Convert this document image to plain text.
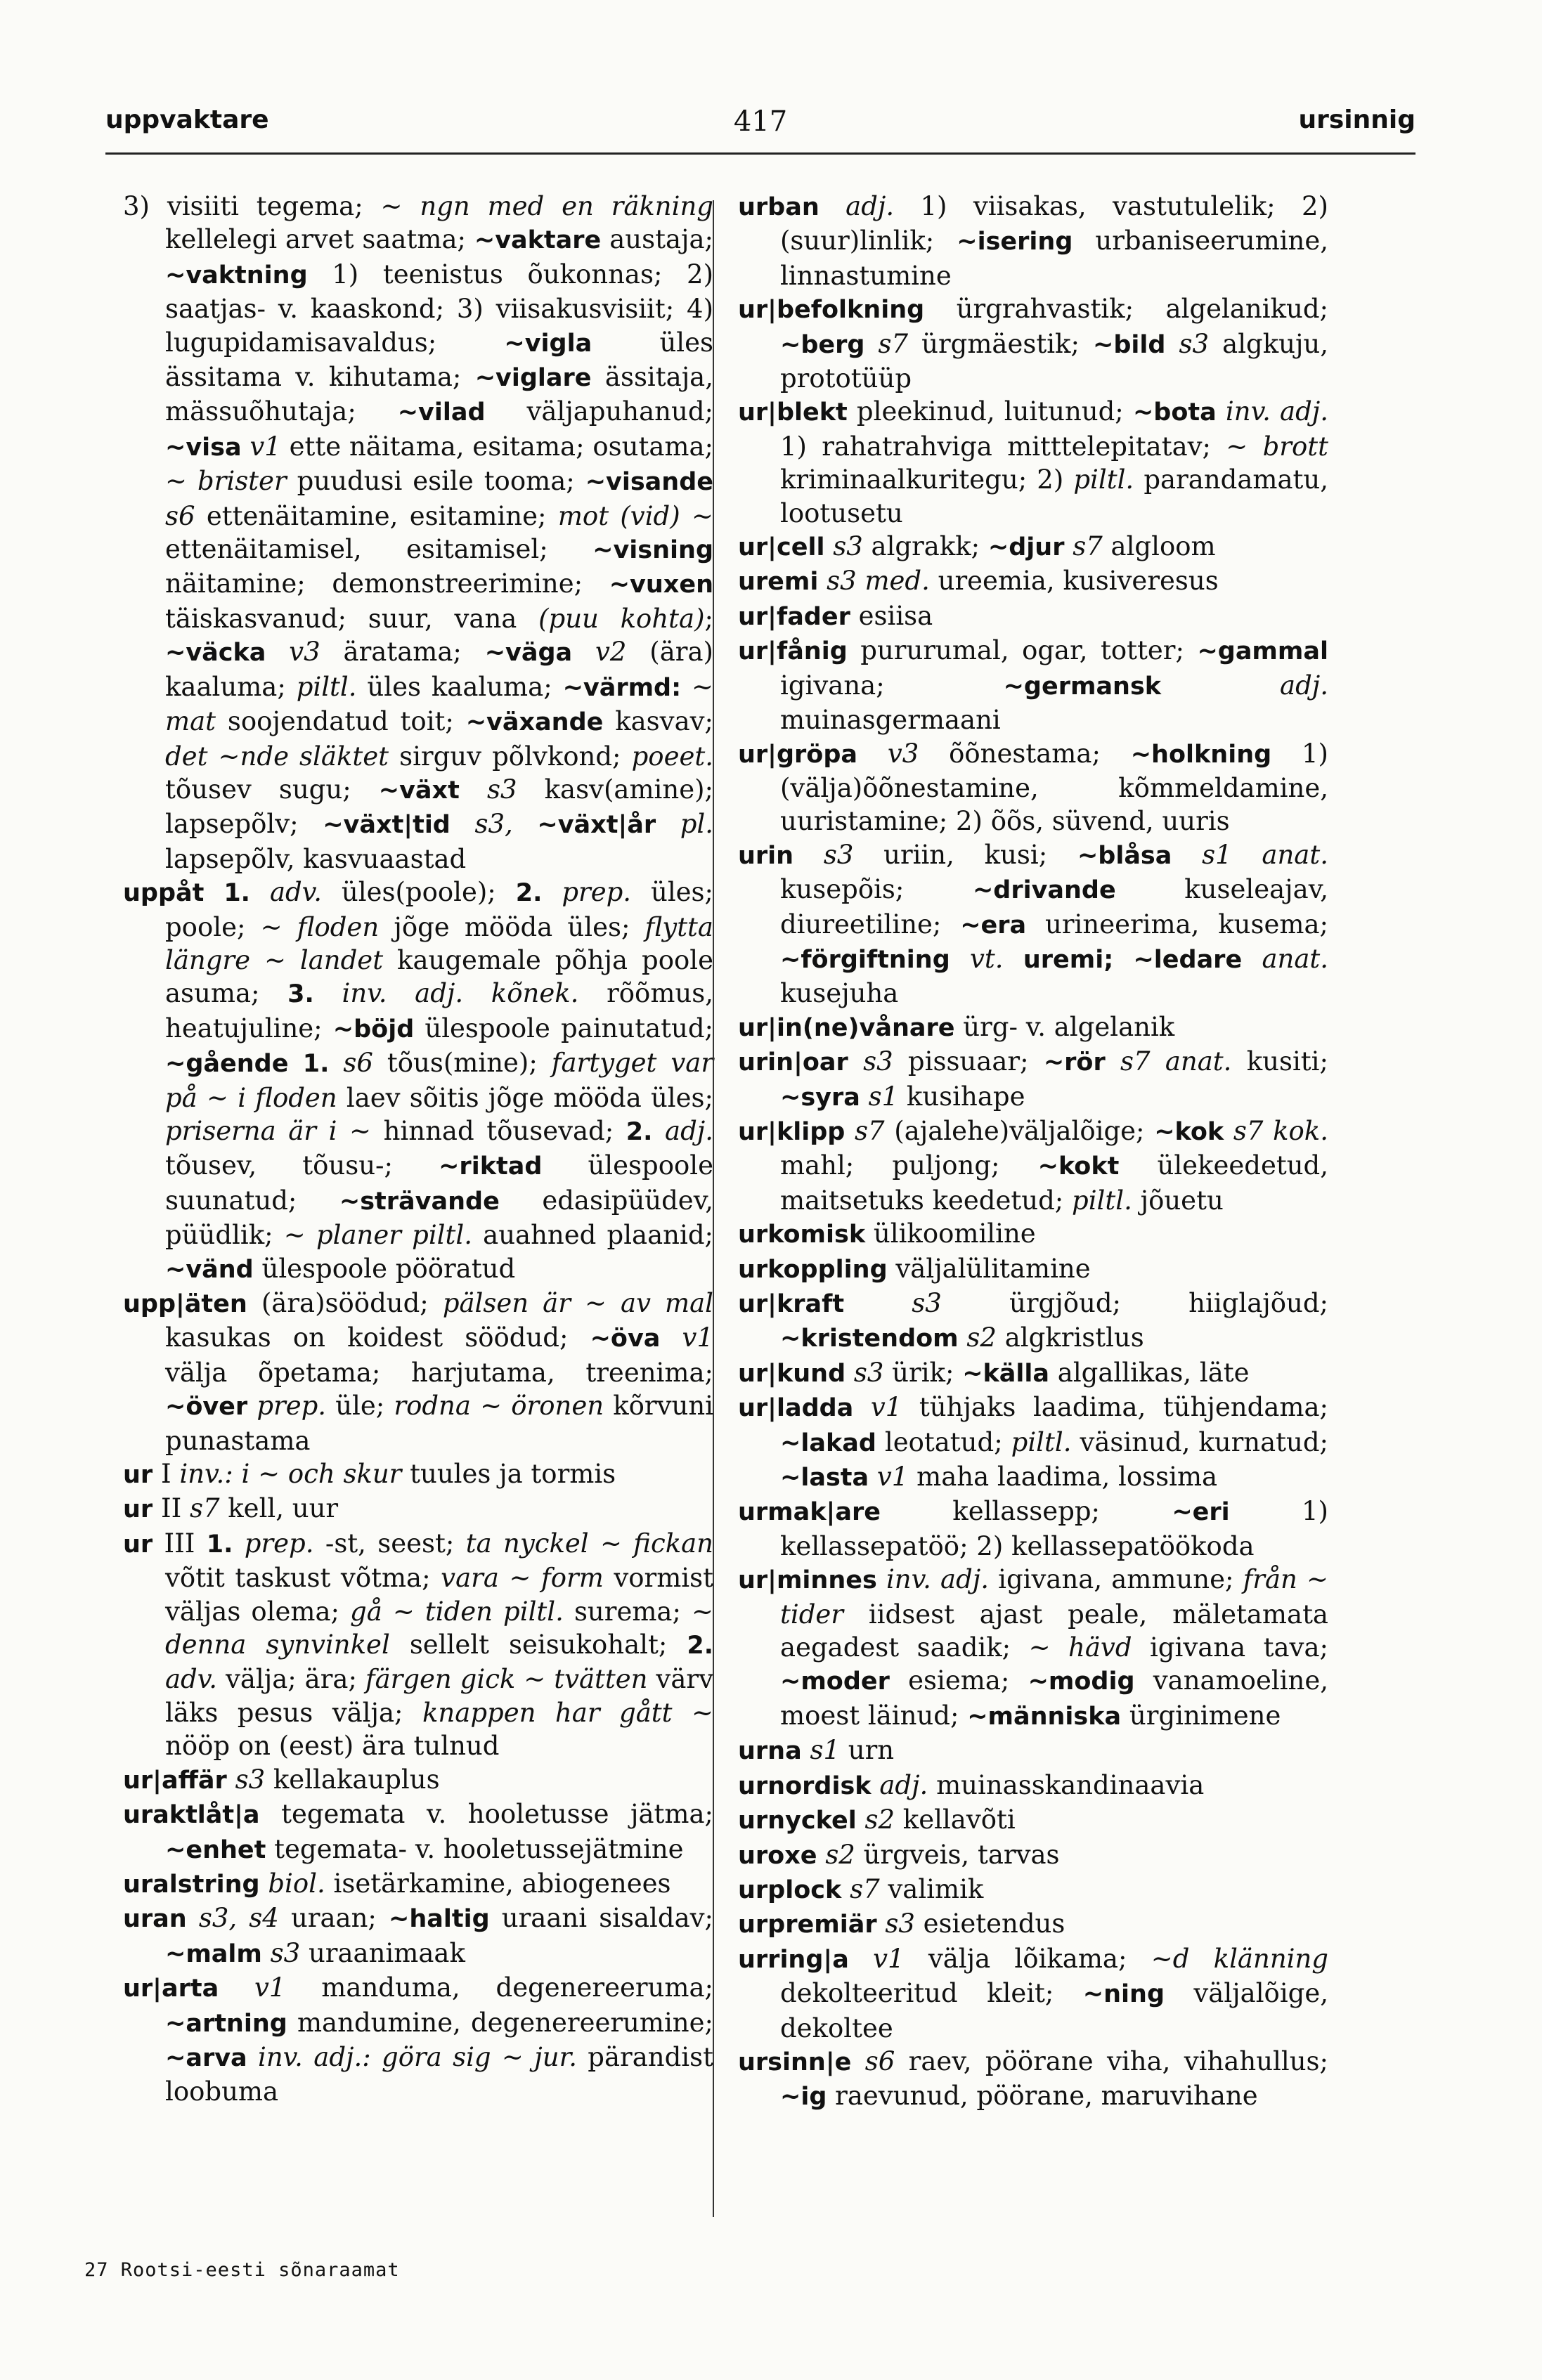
uppvaktare	417	ursinnig

3) visiiti tegema; ~ ngn med en räkning kellelegi arvet saatma; ~vaktare austaja; ~vaktning 1) teenistus õukonnas; 2) saatjas- v. kaaskond; 3) viisakusvisiit; 4) lugupidamisavaldus; ~vigla üles ässitama v. kihutama; ~viglare ässitaja, mässuõhutaja; ~vilad väljapuhanud; ~visa v1 ette näitama, esitama; osutama; ~ brister puudusi esile tooma; ~visande s6 ettenäitamine, esitamine; mot (vid) ~ ettenäitamisel, esitamisel; ~visning näitamine; demonstreerimine; ~vuxen täiskasvanud; suur, vana (puu kohta); ~väcka v3 äratama; ~väga v2 (ära) kaaluma; piltl. üles kaaluma; ~värmd: ~ mat soojendatud toit; ~växande kasvav; det ~nde släktet sirguv põlvkond; poeet. tõusev sugu; ~växt s3 kasv(amine); lapsepõlv; ~växt|tid s3, ~växt|år pl. lapsepõlv, kasvuaastad

uppåt 1. adv. üles(poole); 2. prep. üles; poole; ~ floden jõge mööda üles; flytta längre ~ landet kaugemale põhja poole asuma; 3. inv. adj. kõnek. rõõmus, heatujuline; ~böjd ülespoole painutatud; ~gående 1. s6 tõus(mine); fartyget var på ~ i floden laev sõitis jõge mööda üles; priserna är i ~ hinnad tõusevad; 2. adj. tõusev, tõusu-; ~riktad ülespoole suunatud; ~strävande edasipüüdev, püüdlik; ~ planer piltl. auahned plaanid; ~vänd ülespoole pööratud

upp|äten (ära)söödud; pälsen är ~ av mal kasukas on koidest söödud; ~öva v1 välja õpetama; harjutama, treenima; ~över prep. üle; rodna ~ öronen kõrvuni punastama

ur I inv.: i ~ och skur tuules ja tormis

ur II s7 kell, uur

ur III 1. prep. -st, seest; ta nyckel ~ fickan võtit taskust võtma; vara ~ form vormist väljas olema; gå ~ tiden piltl. surema; ~ denna synvinkel sellelt seisukohalt; 2. adv. välja; ära; färgen gick ~ tvätten värv läks pesus välja; knappen har gått ~ nööp on (eest) ära tulnud

ur|affär s3 kellakauplus

uraktlåt|a tegemata v. hooletusse jätma; ~enhet tegemata- v. hooletussejätmine

uralstring biol. isetärkamine, abiogenees

uran s3, s4 uraan; ~haltig uraani sisaldav; ~malm s3 uraanimaak

ur|arta v1 manduma, degenereeruma; ~artning mandumine, degenereerumine; ~arva inv. adj.: göra sig ~ jur. pärandist loobuma

urban adj. 1) viisakas, vastutulelik; 2) (suur)linlik; ~isering urbaniseerumine, linnastumine

ur|befolkning ürgrahvastik; algelanikud; ~berg s7 ürgmäestik; ~bild s3 algkuju, prototüüp

ur|blekt pleekinud, luitunud; ~bota inv. adj. 1) rahatrahviga mitttelepitatav; ~ brott kriminaalkuritegu; 2) piltl. parandamatu, lootusetu

ur|cell s3 algrakk; ~djur s7 algloom

uremi s3 med. ureemia, kusiveresus

ur|fader esiisa

ur|fånig pururumal, ogar, totter; ~gammal igivana; ~germansk	adj. muinasgermaani

ur|gröpa v3 õõnestama; ~holkning 1) (välja)õõnestamine, kõmmeldamine, uuristamine; 2) õõs, süvend, uuris

urin s3 uriin, kusi; ~blåsa s1 anat. kusepõis; ~drivande kuseleajav, diureetiline; ~era urineerima, kusema; ~förgiftning vt. uremi; ~ledare anat. kusejuha

ur|in(ne)vånare ürg- v. algelanik

urin|oar s3 pissuaar; ~rör s7 anat. kusiti; ~syra s1 kusihape

ur|klipp s7 (ajalehe)väljalõige; ~kok s7 kok. mahl; puljong; ~kokt ülekeedetud, maitsetuks keedetud; piltl. jõuetu

urkomisk ülikoomiline

urkoppling väljalülitamine

ur|kraft	s3 ürgjõud; hiiglajõud; ~kristendom s2 algkristlus

ur|kund s3 ürik; ~källa algallikas, läte

ur|ladda v1 tühjaks laadima, tühjendama; ~lakad leotatud; piltl. väsinud, kurnatud; ~lasta v1 maha laadima, lossima

urmak|are kellassepp; ~eri 1) kellassepatöö; 2) kellassepatöökoda

ur|minnes inv. adj. igivana, ammune; från ~ tider iidsest ajast peale, mäletamata aegadest saadik; ~ hävd igivana tava; ~moder esiema; ~modig vanamoeline, moest läinud; ~människa ürginimene

urna s1 urn

urnordisk adj. muinasskandinaavia

urnyckel s2 kellavõti

uroxe s2 ürgveis, tarvas

urplock s7 valimik

urpremiär s3 esietendus

urring|a v1 välja lõikama; ~d klänning dekolteeritud kleit; ~ning väljalõige, dekoltee

ursinn|e s6 raev, pöörane viha, vihahullus; ~ig raevunud, pöörane, maruvihane

27 Rootsi-eesti sõnaraamat
